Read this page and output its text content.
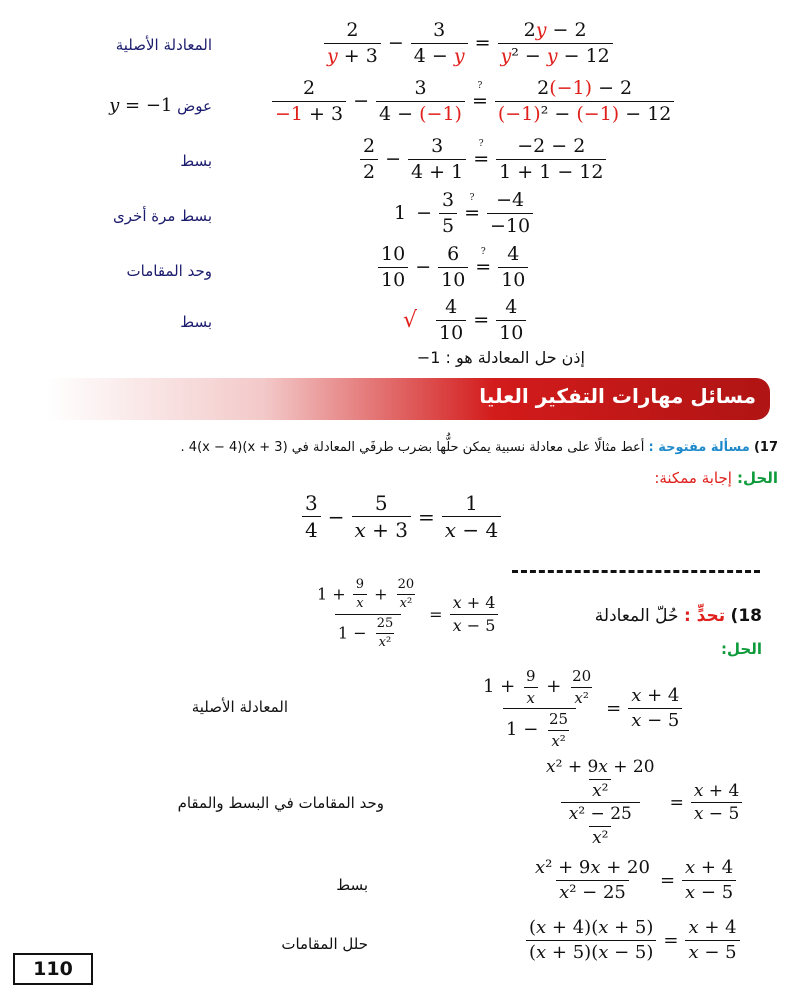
المعادلة الأصلية
عوض y = −1
بسط
بسط مرة أخرى
وحد المقامات
بسط
$\frac{2}{y + 3} - \frac{3}{4 - y} = \frac{2y - 2}{\text{y² − y − 12}}$
$\frac{2}{-1 + 3} - \frac{3}{4 - (-1)}$ =
? $\frac{2(-1) - 2}{\text{(−1)² − (−1) − 12}}$
$\frac{2}{2} - \frac{3}{4 + 1}$ =
? $\frac{-2 - 2}{1 + 1 - 12}$
$1 - \frac{3}{5}$ =
? $\frac{-4}{-10}$
$\frac{10}{10} - \frac{6}{10}$ =
? $\frac{4}{10}$
√ $\frac{4}{10} = \frac{4}{10}$
إذن حل المعادلة هو : 1−
مسائل مهارات التفكير العليا
17) مسألة مفتوحة : أعط مثالًا على معادلة نسبية يمكن حلُّها بضرب طرفَي المعادلة في (x + 3)(x − 4)4 .
الحل: إجابة ممكنة:
$\frac{3}{4} - \frac{5}{x + 3} = \frac{1}{x - 4}$
18) تحدٍّ : حُلّ المعادلة
$\frac{1 + \frac{9}{x} + \frac{20}{\text{x²}}}{1 - \frac{25}{\text{x²}}} = \frac{x + 4}{x - 5}$
الحل:
المعادلة الأصلية
وحد المقامات في البسط والمقام
بسط
حلل المقامات
$\frac{1 + \frac{9}{x} + \frac{20}{\text{x²}}}{1 - \frac{25}{\text{x²}}} = \frac{x + 4}{x - 5}$
$\frac{\frac{\text{x² + 9x + 20}}{\text{x²}}}{\frac{\text{x² − 25}}{\text{x²}}} = \frac{x + 4}{x - 5}$
$\frac{\text{x² + 9x + 20}}{\text{x² − 25}} = \frac{x + 4}{x - 5}$
$\frac{(x + 4)(x + 5)}{(x + 5)(x - 5)} = \frac{x + 4}{x - 5}$
110
